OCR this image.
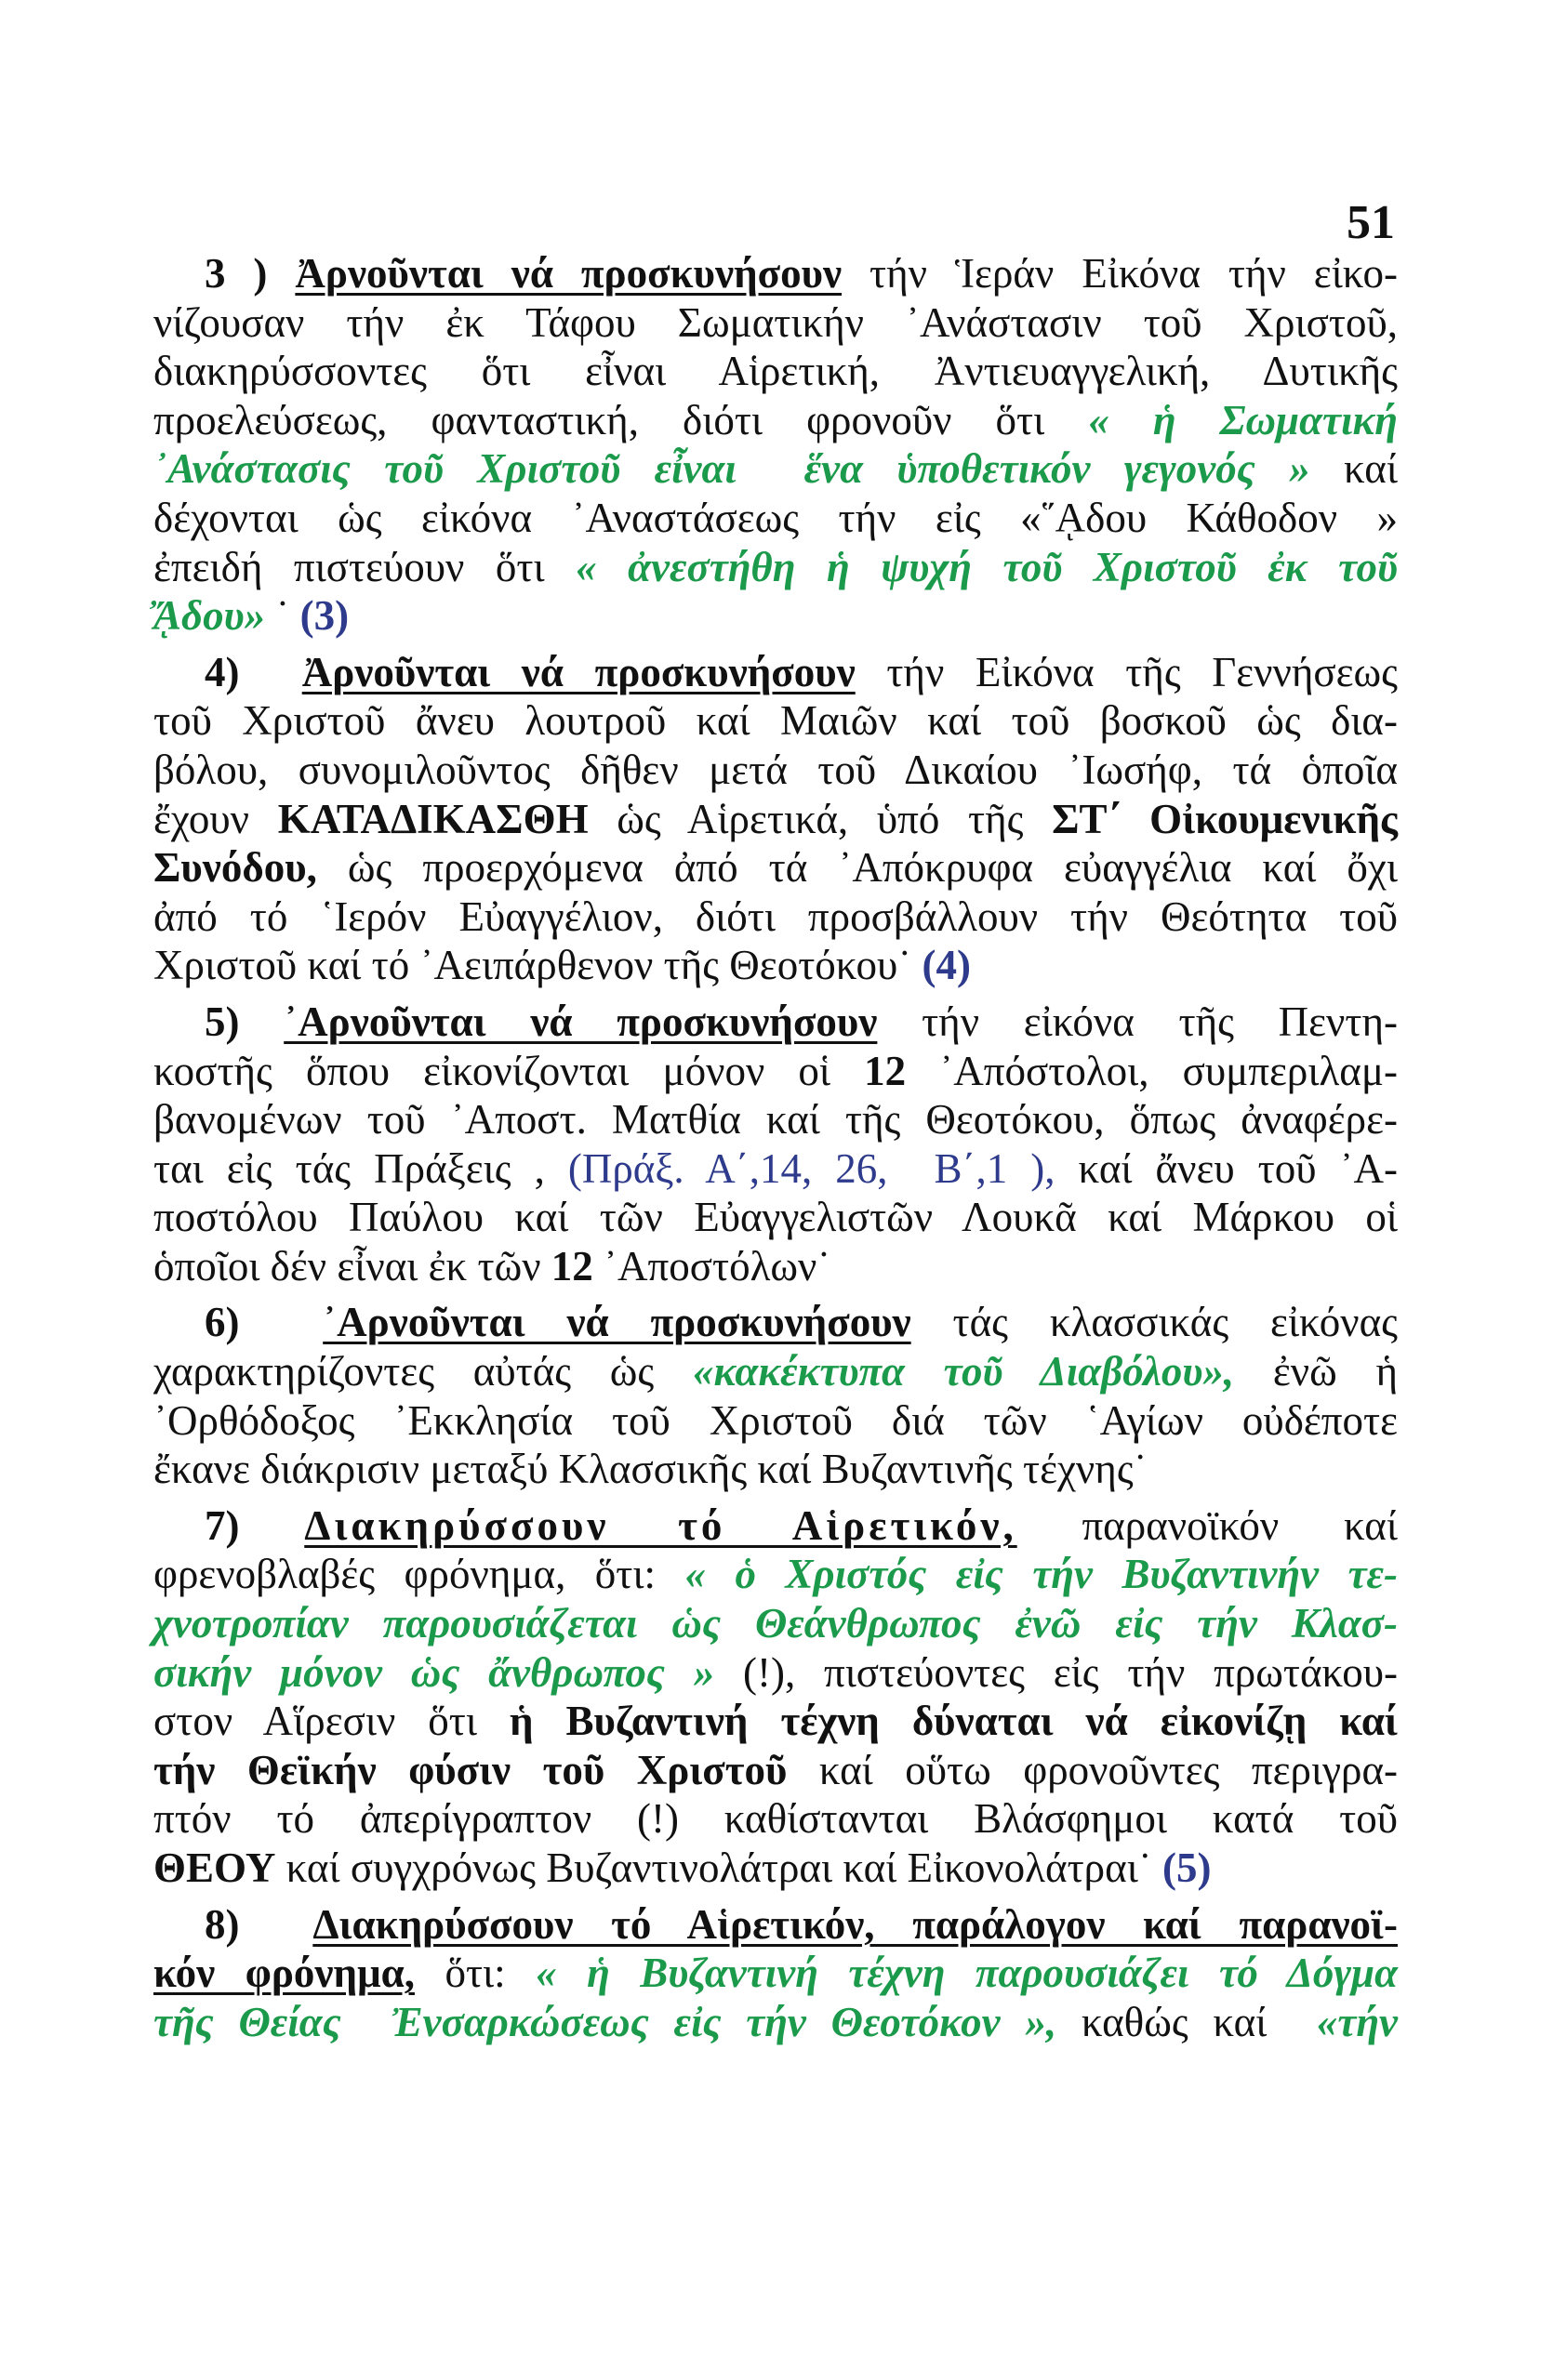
51
3 ) Ἀρνοῦνται νά προσκυνήσουν τήν Ἱεράν Εἰκόνα τήν εἰκο-
νίζουσαν τήν ἐκ Τάφου Σωματικήν ᾿Ανάστασιν τοῦ Χριστοῦ,
διακηρύσσοντες ὅτι εἶναι Αἱρετική, Ἀντιευαγγελική, Δυτικῆς
προελεύσεως, φανταστική, διότι φρονοῦν ὅτι « ἡ Σωματική
᾿Ανάστασις τοῦ Χριστοῦ εἶναι  ἕνα ὑποθετικόν γεγονός » καί
δέχονται ὡς εἰκόνα ᾿Αναστάσεως τήν εἰς «῞ᾼδου Κάθοδον »
ἐπειδή πιστεύουν ὅτι « ἀνεστήθη ἡ ψυχή τοῦ Χριστοῦ ἐκ τοῦ
ᾌδου» ˙ (3)
4)  Ἀρνοῦνται νά προσκυνήσουν τήν Εἰκόνα τῆς Γεννήσεως
τοῦ Χριστοῦ ἄνευ λουτροῦ καί Μαιῶν καί τοῦ βοσκοῦ ὡς δια-
βόλου, συνομιλοῦντος δῆθεν μετά τοῦ Δικαίου ᾿Ιωσήφ, τά ὁποῖα
ἔχουν ΚΑΤΑΔΙΚΑΣΘΗ ὡς Αἱρετικά, ὑπό τῆς ΣΤ΄ Οἰκουμενικῆς
Συνόδου, ὡς προερχόμενα ἀπό τά ᾿Απόκρυφα εὐαγγέλια καί ὄχι
ἀπό τό ῾Ιερόν Εὐαγγέλιον, διότι προσβάλλουν τήν Θεότητα τοῦ
Χριστοῦ καί τό ᾿Αειπάρθενον τῆς Θεοτόκου˙ (4)
5) ᾿Αρνοῦνται νά προσκυνήσουν τήν εἰκόνα τῆς Πεντη-
κοστῆς ὅπου εἰκονίζονται μόνον οἱ 12 ᾿Απόστολοι, συμπεριλαμ-
βανομένων τοῦ ᾿Αποστ. Ματθία καί τῆς Θεοτόκου, ὅπως ἀναφέρε-
ται εἰς τάς Πράξεις , (Πράξ. Α΄,14, 26,  Β΄,1 ), καί ἄνευ τοῦ ᾿Α-
ποστόλου Παύλου καί τῶν Εὐαγγελιστῶν Λουκᾶ καί Μάρκου οἱ
ὁποῖοι δέν εἶναι ἐκ τῶν 12 ᾿Αποστόλων˙
6)  ᾿Αρνοῦνται νά προσκυνήσουν τάς κλασσικάς εἰκόνας
χαρακτηρίζοντες αὐτάς ὡς «κακέκτυπα τοῦ Διαβόλου», ἐνῶ ἡ
᾿Ορθόδοξος ᾿Εκκλησία τοῦ Χριστοῦ διά τῶν ῾Αγίων οὐδέποτε
ἔκανε διάκρισιν μεταξύ Κλασσικῆς καί Βυζαντινῆς τέχνης˙
7) Διακηρύσσουν τό Αἱρετικόν, παρανοϊκόν καί
φρενοβλαβές φρόνημα, ὅτι: « ὁ Χριστός εἰς τήν Βυζαντινήν τε-
χνοτροπίαν παρουσιάζεται ὡς Θεάνθρωπος ἐνῶ εἰς τήν Κλασ-
σικήν μόνον ὡς ἄνθρωπος » (!), πιστεύοντες εἰς τήν πρωτάκου-
στον Αἵρεσιν ὅτι ἡ Βυζαντινή τέχνη δύναται νά εἰκονίζῃ καί
τήν Θεϊκήν φύσιν τοῦ Χριστοῦ καί οὕτω φρονοῦντες περιγρα-
πτόν τό ἀπερίγραπτον (!) καθίστανται Βλάσφημοι κατά τοῦ
ΘΕΟΥ καί συγχρόνως Βυζαντινολάτραι καί Εἰκονολάτραι˙ (5)
8)  Διακηρύσσουν τό Αἱρετικόν, παράλογον καί παρανοϊ-
κόν φρόνημα, ὅτι: « ἡ Βυζαντινή τέχνη παρουσιάζει τό Δόγμα
τῆς Θείας  Ἐνσαρκώσεως εἰς τήν Θεοτόκον », καθώς καί  «τήν
